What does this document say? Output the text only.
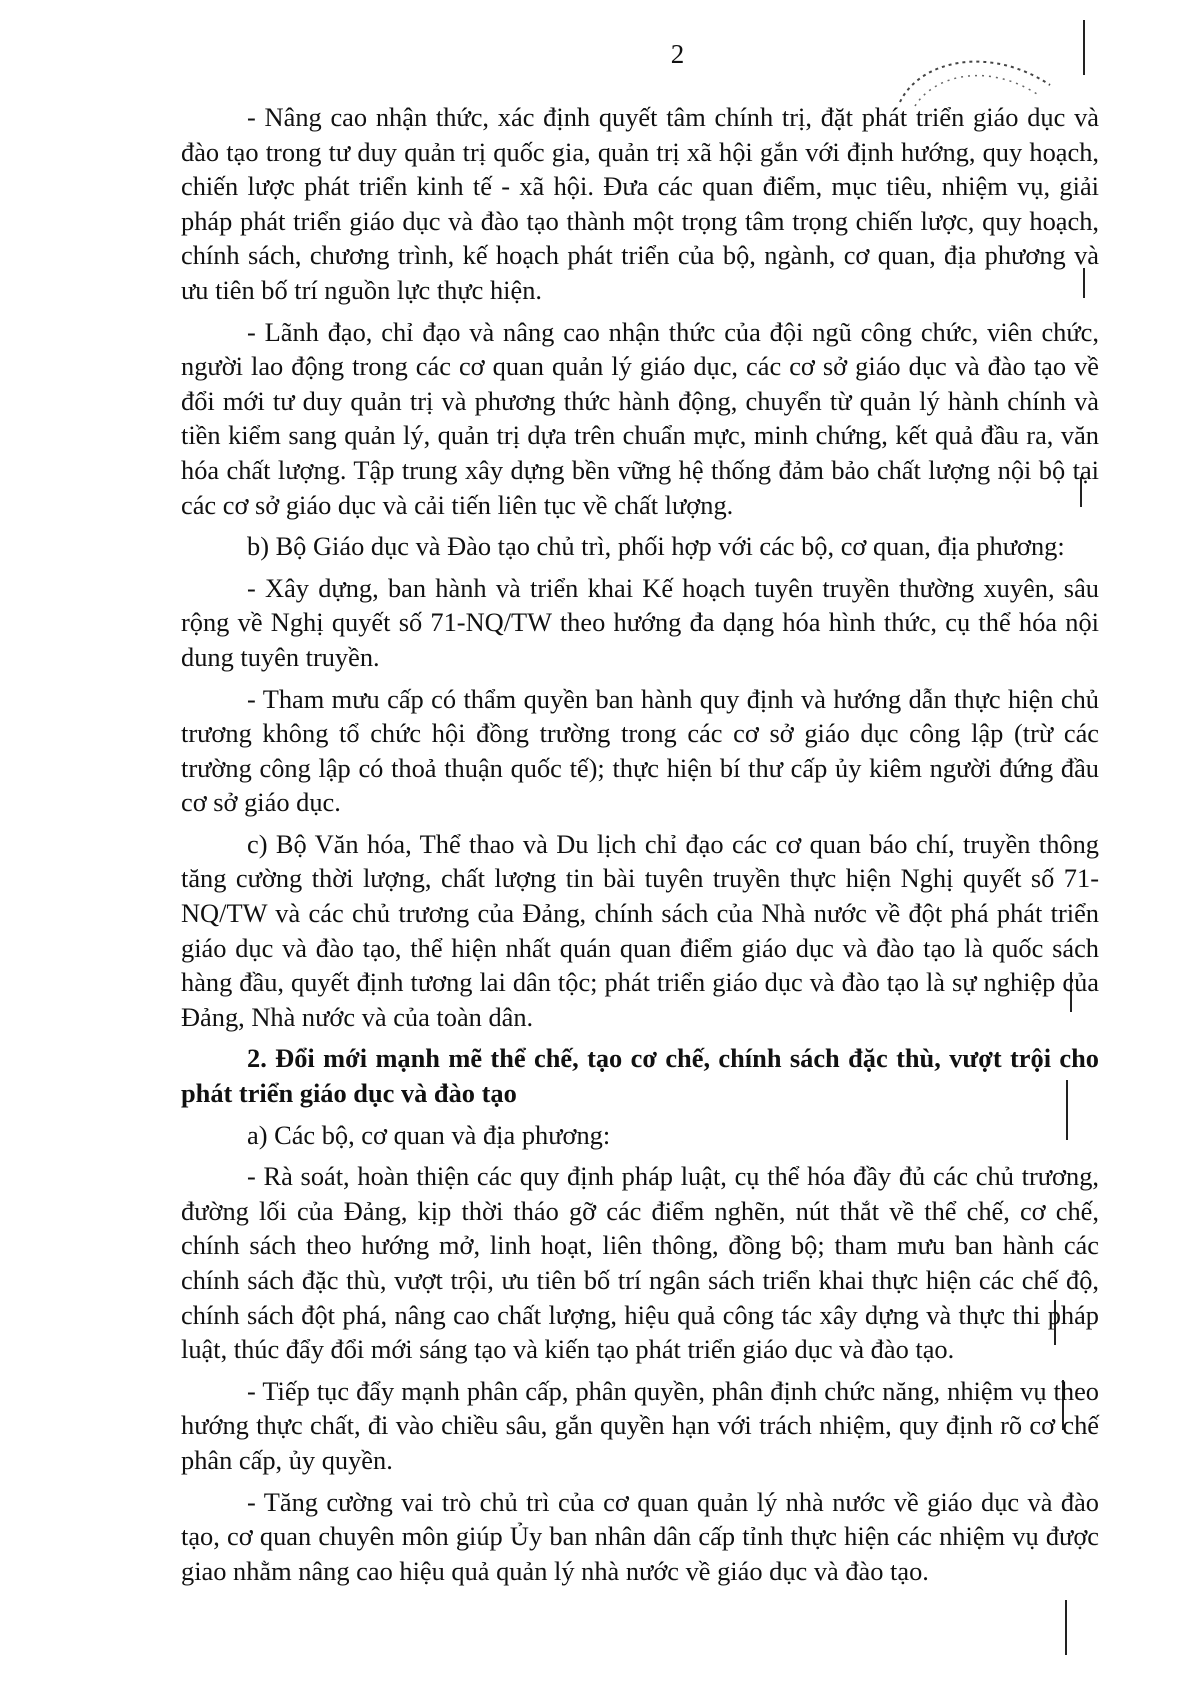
2

- Nâng cao nhận thức, xác định quyết tâm chính trị, đặt phát triển giáo dục và đào tạo trong tư duy quản trị quốc gia, quản trị xã hội gắn với định hướng, quy hoạch, chiến lược phát triển kinh tế - xã hội. Đưa các quan điểm, mục tiêu, nhiệm vụ, giải pháp phát triển giáo dục và đào tạo thành một trọng tâm trọng chiến lược, quy hoạch, chính sách, chương trình, kế hoạch phát triển của bộ, ngành, cơ quan, địa phương và ưu tiên bố trí nguồn lực thực hiện.

- Lãnh đạo, chỉ đạo và nâng cao nhận thức của đội ngũ công chức, viên chức, người lao động trong các cơ quan quản lý giáo dục, các cơ sở giáo dục và đào tạo về đổi mới tư duy quản trị và phương thức hành động, chuyển từ quản lý hành chính và tiền kiểm sang quản lý, quản trị dựa trên chuẩn mực, minh chứng, kết quả đầu ra, văn hóa chất lượng. Tập trung xây dựng bền vững hệ thống đảm bảo chất lượng nội bộ tại các cơ sở giáo dục và cải tiến liên tục về chất lượng.

b) Bộ Giáo dục và Đào tạo chủ trì, phối hợp với các bộ, cơ quan, địa phương:

- Xây dựng, ban hành và triển khai Kế hoạch tuyên truyền thường xuyên, sâu rộng về Nghị quyết số 71-NQ/TW theo hướng đa dạng hóa hình thức, cụ thể hóa nội dung tuyên truyền.

- Tham mưu cấp có thẩm quyền ban hành quy định và hướng dẫn thực hiện chủ trương không tổ chức hội đồng trường trong các cơ sở giáo dục công lập (trừ các trường công lập có thoả thuận quốc tế); thực hiện bí thư cấp ủy kiêm người đứng đầu cơ sở giáo dục.

c) Bộ Văn hóa, Thể thao và Du lịch chỉ đạo các cơ quan báo chí, truyền thông tăng cường thời lượng, chất lượng tin bài tuyên truyền thực hiện Nghị quyết số 71-NQ/TW và các chủ trương của Đảng, chính sách của Nhà nước về đột phá phát triển giáo dục và đào tạo, thể hiện nhất quán quan điểm giáo dục và đào tạo là quốc sách hàng đầu, quyết định tương lai dân tộc; phát triển giáo dục và đào tạo là sự nghiệp của Đảng, Nhà nước và của toàn dân.

2. Đổi mới mạnh mẽ thể chế, tạo cơ chế, chính sách đặc thù, vượt trội cho phát triển giáo dục và đào tạo

a) Các bộ, cơ quan và địa phương:

- Rà soát, hoàn thiện các quy định pháp luật, cụ thể hóa đầy đủ các chủ trương, đường lối của Đảng, kịp thời tháo gỡ các điểm nghẽn, nút thắt về thể chế, cơ chế, chính sách theo hướng mở, linh hoạt, liên thông, đồng bộ; tham mưu ban hành các chính sách đặc thù, vượt trội, ưu tiên bố trí ngân sách triển khai thực hiện các chế độ, chính sách đột phá, nâng cao chất lượng, hiệu quả công tác xây dựng và thực thi pháp luật, thúc đẩy đổi mới sáng tạo và kiến tạo phát triển giáo dục và đào tạo.

- Tiếp tục đẩy mạnh phân cấp, phân quyền, phân định chức năng, nhiệm vụ theo hướng thực chất, đi vào chiều sâu, gắn quyền hạn với trách nhiệm, quy định rõ cơ chế phân cấp, ủy quyền.

- Tăng cường vai trò chủ trì của cơ quan quản lý nhà nước về giáo dục và đào tạo, cơ quan chuyên môn giúp Ủy ban nhân dân cấp tỉnh thực hiện các nhiệm vụ được giao nhằm nâng cao hiệu quả quản lý nhà nước về giáo dục và đào tạo.
